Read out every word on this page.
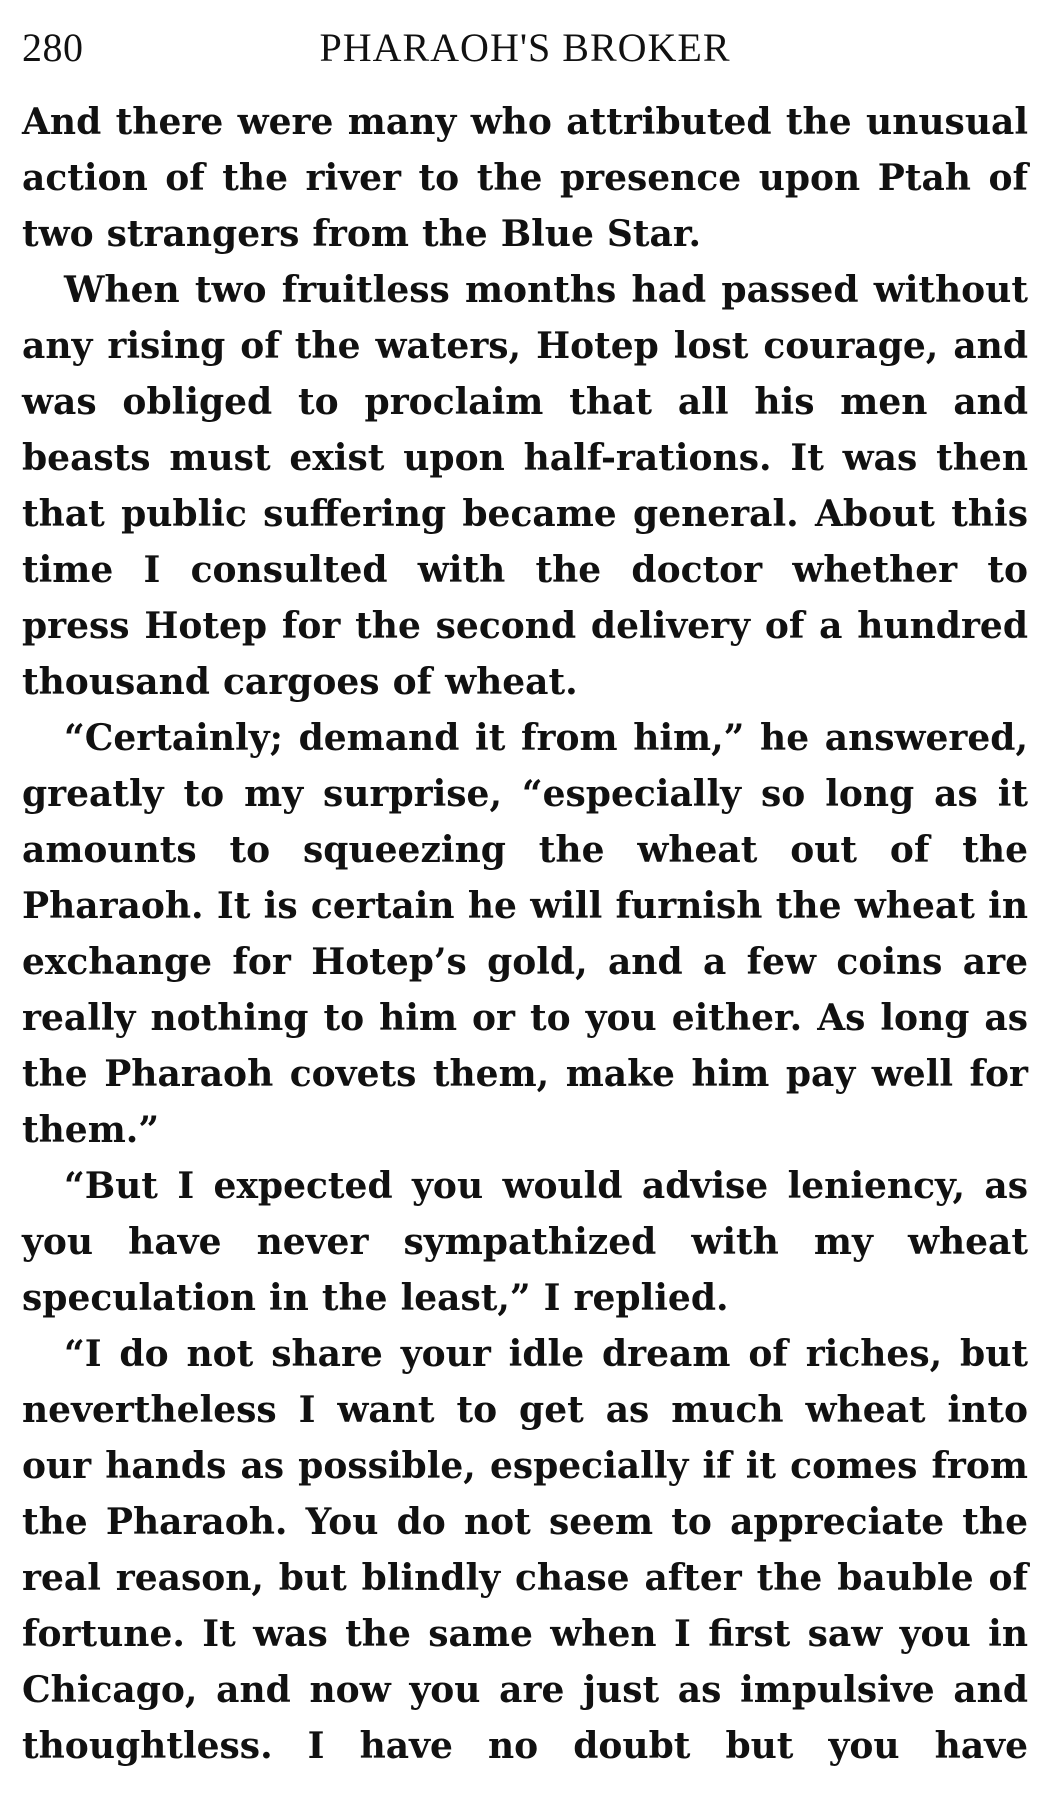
280	PHARAOH'S BROKER

And there were many who attributed the unusual action of the river to the presence upon Ptah of two strangers from the Blue Star.

When two fruitless months had passed without any rising of the waters, Hotep lost courage, and was obliged to proclaim that all his men and beasts must exist upon half-rations. It was then that public suffering became general. About this time I consulted with the doctor whether to press Hotep for the second delivery of a hundred thousand cargoes of wheat.

“Certainly; demand it from him,” he answered, greatly to my surprise, “especially so long as it amounts to squeezing the wheat out of the Pharaoh. It is certain he will furnish the wheat in exchange for Hotep’s gold, and a few coins are really nothing to him or to you either. As long as the Pharaoh covets them, make him pay well for them.”

“But I expected you would advise leniency, as you have never sympathized with my wheat speculation in the least,” I replied.

“I do not share your idle dream of riches, but nevertheless I want to get as much wheat into our hands as possible, especially if it comes from the Pharaoh. You do not seem to appreciate the real reason, but blindly chase after the bauble of fortune. It was the same when I first saw you in Chicago, and now you are just as impulsive and thoughtless. I have no doubt but you have
